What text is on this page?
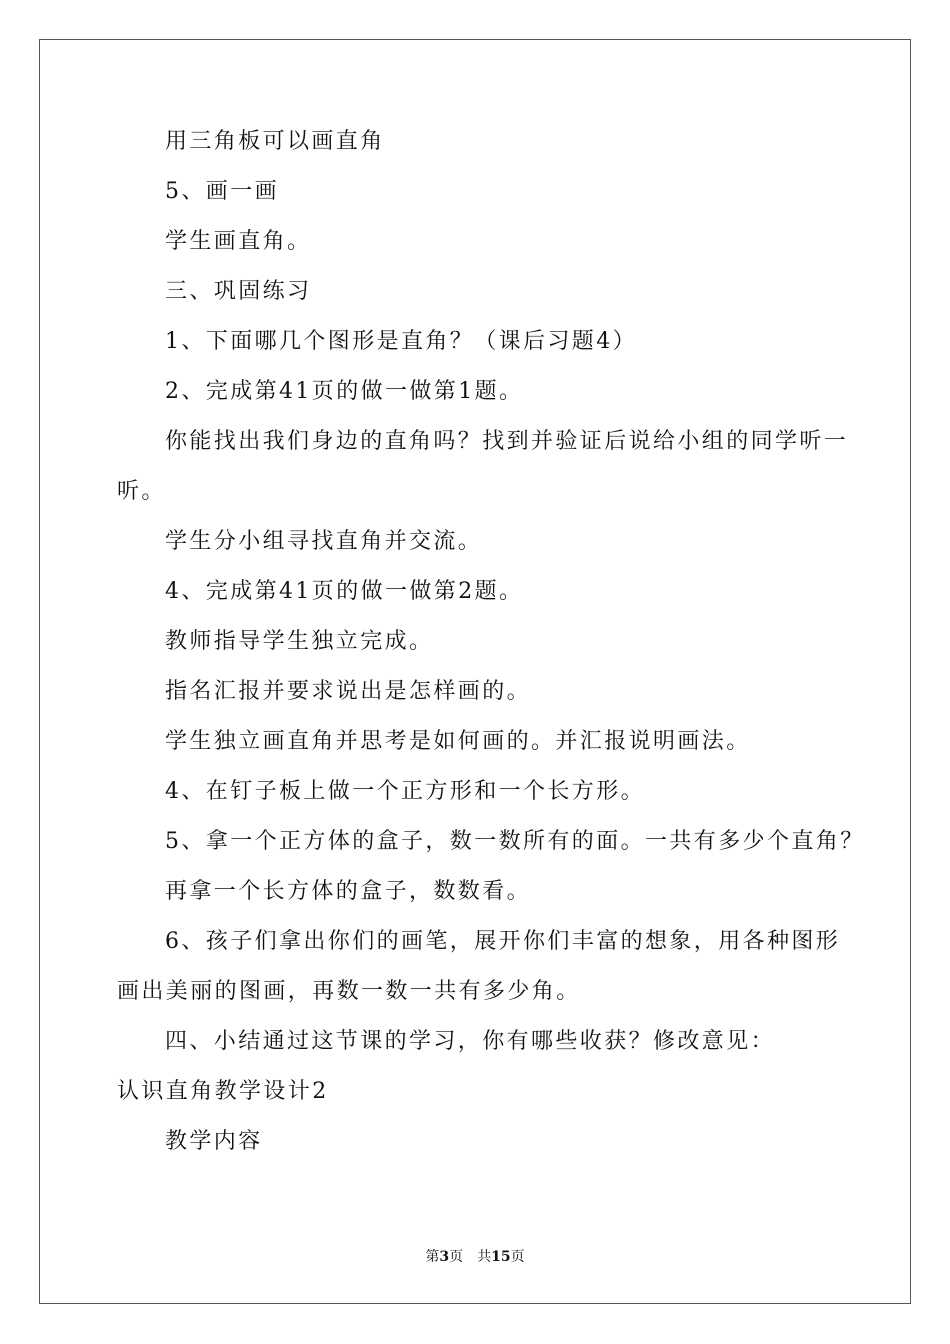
用三角板可以画直角

5、画一画

学生画直角。

三、巩固练习

1、下面哪几个图形是直角？（课后习题4）

2、完成第41页的做一做第1题。

你能找出我们身边的直角吗？找到并验证后说给小组的同学听一

听。

学生分小组寻找直角并交流。

4、完成第41页的做一做第2题。

教师指导学生独立完成。

指名汇报并要求说出是怎样画的。

学生独立画直角并思考是如何画的。并汇报说明画法。

4、在钉子板上做一个正方形和一个长方形。

5、拿一个正方体的盒子，数一数所有的面。一共有多少个直角？

再拿一个长方体的盒子，数数看。

6、孩子们拿出你们的画笔，展开你们丰富的想象，用各种图形

画出美丽的图画，再数一数一共有多少角。

四、小结通过这节课的学习，你有哪些收获？修改意见：

认识直角教学设计2

教学内容

第3页　共15页
